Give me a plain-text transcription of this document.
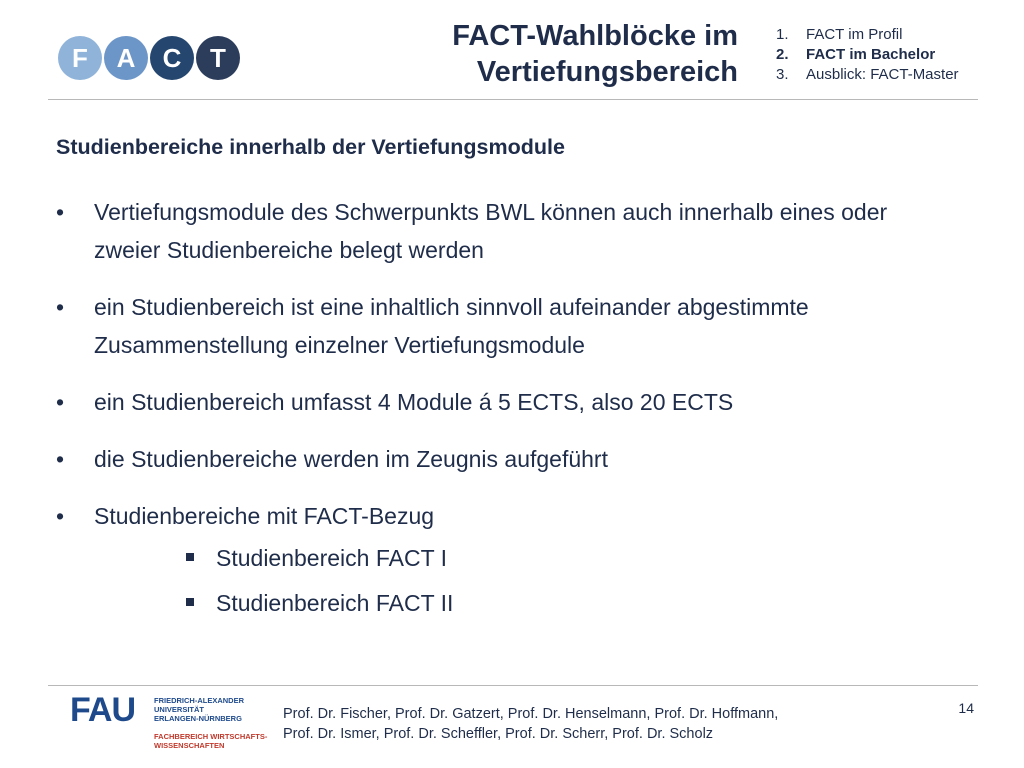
F	A	C	T
FACT-Wahlblöcke im
Vertiefungsbereich
1. FACT im Profil
2. FACT im Bachelor
3. Ausblick: FACT-Master
Studienbereiche innerhalb der Vertiefungsmodule
• Vertiefungsmodule des Schwerpunkts BWL können auch innerhalb eines oder zweier Studienbereiche belegt werden
• ein Studienbereich ist eine inhaltlich sinnvoll aufeinander abgestimmte Zusammenstellung einzelner Vertiefungsmodule
• ein Studienbereich umfasst 4 Module á 5 ECTS, also 20 ECTS
• die Studienbereiche werden im Zeugnis aufgeführt
• Studienbereiche mit FACT-Bezug
Studienbereich FACT I
Studienbereich FACT II
FAU	FRIEDRICH-ALEXANDER
UNIVERSITÄT
ERLANGEN-NÜRNBERG
FACHBEREICH WIRTSCHAFTS-
WISSENSCHAFTEN
Prof. Dr. Fischer, Prof. Dr. Gatzert, Prof. Dr. Henselmann, Prof. Dr. Hoffmann,
Prof. Dr. Ismer, Prof. Dr. Scheffler, Prof. Dr. Scherr, Prof. Dr. Scholz
14
